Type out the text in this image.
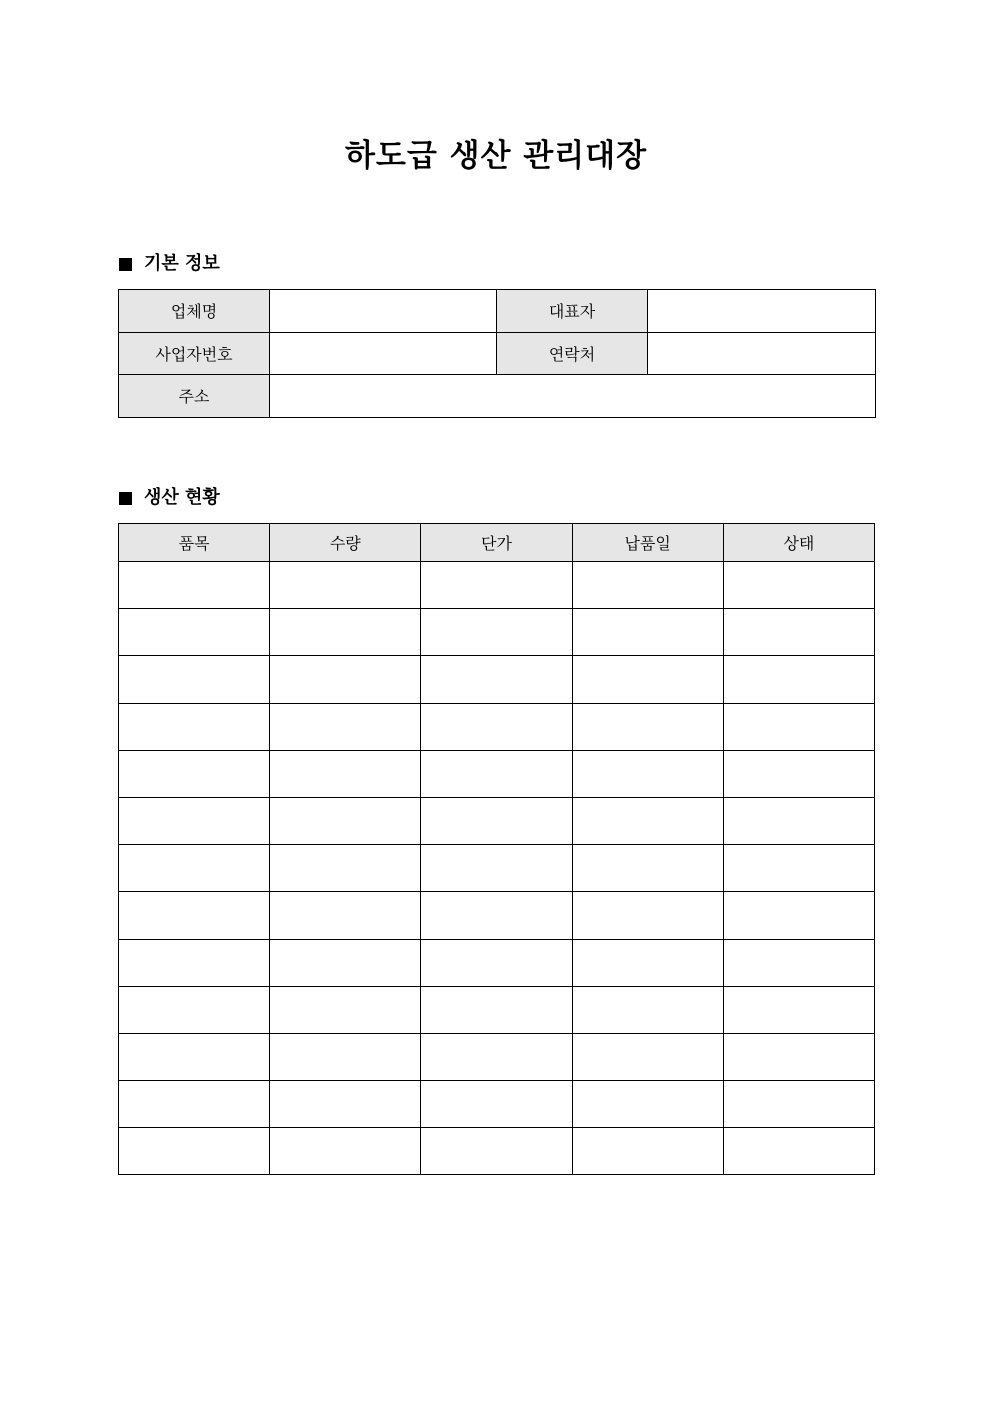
하도급 생산 관리대장
기본 정보
업체명		대표자	
사업자번호		연락처	
주소			
생산 현황
품목	수량	단가	납품일	상태
